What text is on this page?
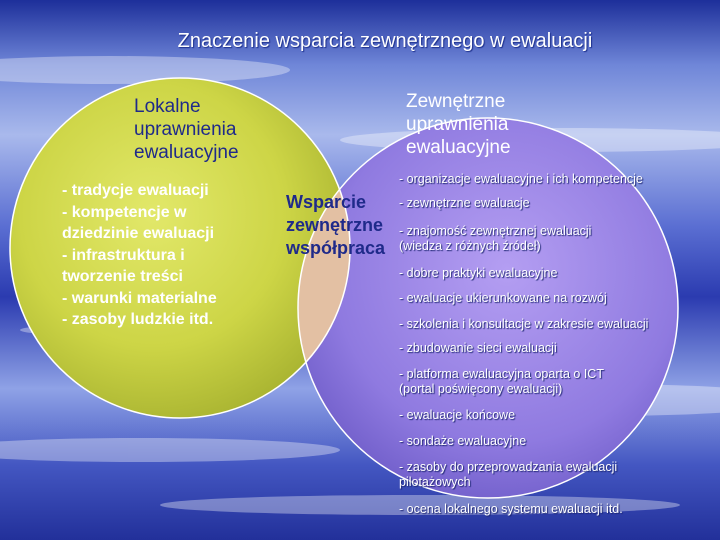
Znaczenie wsparcia zewnętrznego w ewaluacji
Lokalne
uprawnienia
ewaluacyjne
- tradycje ewaluacji
- kompetencje w
dziedzinie ewaluacji
- infrastruktura i
tworzenie treści
- warunki materialne
- zasoby ludzkie itd.
Wsparcie
zewnętrzne
współpraca
Zewnętrzne
uprawnienia
ewaluacyjne
- organizacje ewaluacyjne i ich kompetencje
- zewnętrzne ewaluacje
- znajomość zewnętrznej ewaluacji
(wiedza z różnych źródeł)
- dobre praktyki ewaluacyjne
- ewaluacje ukierunkowane na rozwój
- szkolenia i konsultacje w zakresie ewaluacji
- zbudowanie sieci ewaluacji
- platforma ewaluacyjna oparta o ICT
(portal poświęcony ewaluacji)
- ewaluacje końcowe
- sondaże ewaluacyjne
- zasoby do przeprowadzania ewaluacji
pilotażowych
- ocena lokalnego systemu ewaluacji itd.
